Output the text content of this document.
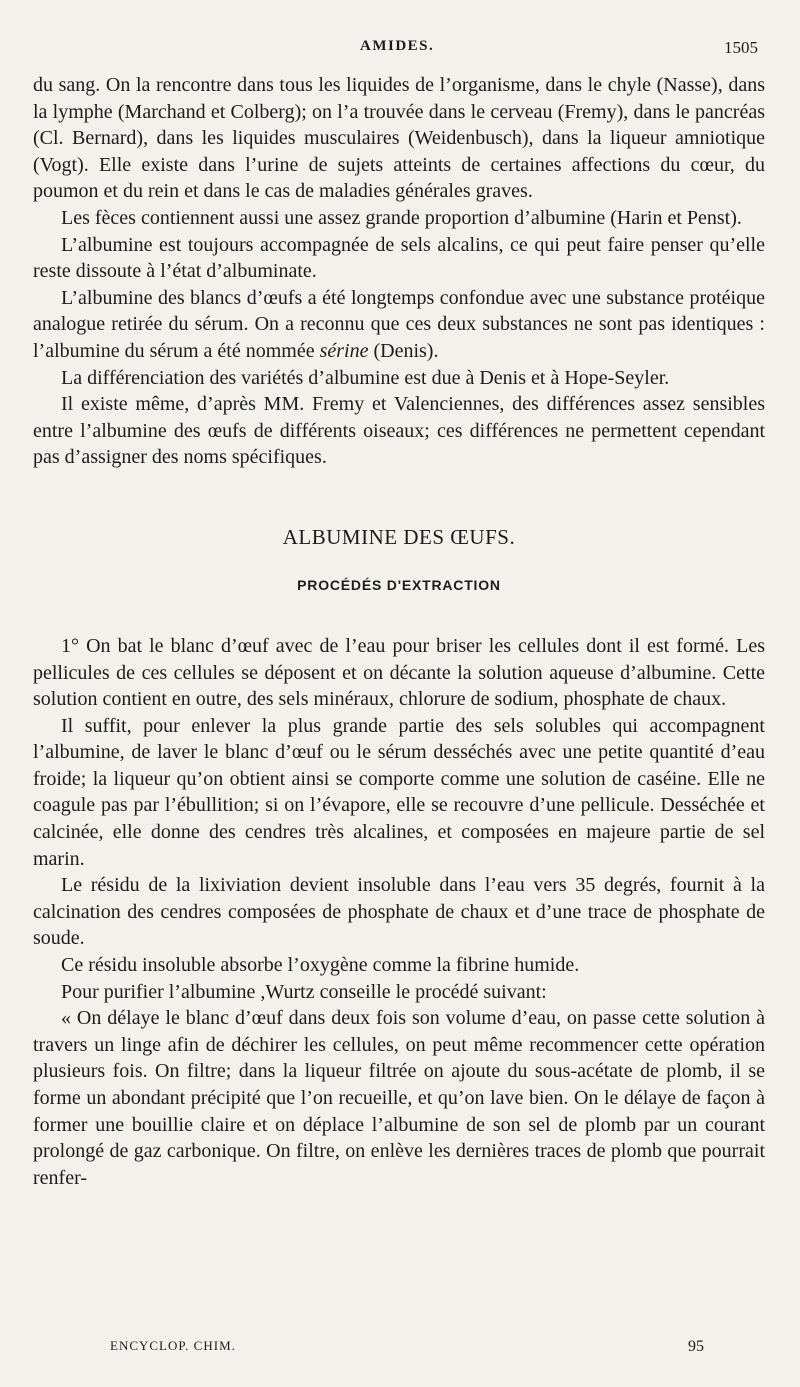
AMIDES.	1505

du sang. On la rencontre dans tous les liquides de l’organisme, dans le chyle (Nasse), dans la lymphe (Marchand et Colberg); on l’a trouvée dans le cerveau (Fremy), dans le pancréas (Cl. Bernard), dans les liquides musculaires (Weidenbusch), dans la liqueur amniotique (Vogt). Elle existe dans l’urine de sujets atteints de certaines affections du cœur, du poumon et du rein et dans le cas de maladies générales graves.

Les fèces contiennent aussi une assez grande proportion d’albumine (Harin et Penst).

L’albumine est toujours accompagnée de sels alcalins, ce qui peut faire penser qu’elle reste dissoute à l’état d’albuminate.

L’albumine des blancs d’œufs a été longtemps confondue avec une substance protéique analogue retirée du sérum. On a reconnu que ces deux substances ne sont pas identiques : l’albumine du sérum a été nommée sérine (Denis).

La différenciation des variétés d’albumine est due à Denis et à Hope-Seyler.

Il existe même, d’après MM. Fremy et Valenciennes, des différences assez sensibles entre l’albumine des œufs de différents oiseaux; ces différences ne permettent cependant pas d’assigner des noms spécifiques.

ALBUMINE DES ŒUFS.
PROCÉDÉS D'EXTRACTION

1° On bat le blanc d’œuf avec de l’eau pour briser les cellules dont il est formé. Les pellicules de ces cellules se déposent et on décante la solution aqueuse d’albumine. Cette solution contient en outre, des sels minéraux, chlorure de sodium, phosphate de chaux.

Il suffit, pour enlever la plus grande partie des sels solubles qui accompagnent l’albumine, de laver le blanc d’œuf ou le sérum desséchés avec une petite quantité d’eau froide; la liqueur qu’on obtient ainsi se comporte comme une solution de caséine. Elle ne coagule pas par l’ébullition; si on l’évapore, elle se recouvre d’une pellicule. Desséchée et calcinée, elle donne des cendres très alcalines, et composées en majeure partie de sel marin.

Le résidu de la lixiviation devient insoluble dans l’eau vers 35 degrés, fournit à la calcination des cendres composées de phosphate de chaux et d’une trace de phosphate de soude.

Ce résidu insoluble absorbe l’oxygène comme la fibrine humide.

Pour purifier l’albumine ,Wurtz conseille le procédé suivant:

« On délaye le blanc d’œuf dans deux fois son volume d’eau, on passe cette solution à travers un linge afin de déchirer les cellules, on peut même recommencer cette opération plusieurs fois. On filtre; dans la liqueur filtrée on ajoute du sous-acétate de plomb, il se forme un abondant précipité que l’on recueille, et qu’on lave bien. On le délaye de façon à former une bouillie claire et on déplace l’albumine de son sel de plomb par un courant prolongé de gaz carbonique. On filtre, on enlève les dernières traces de plomb que pourrait renfer-

ENCYCLOP. CHIM.	95
